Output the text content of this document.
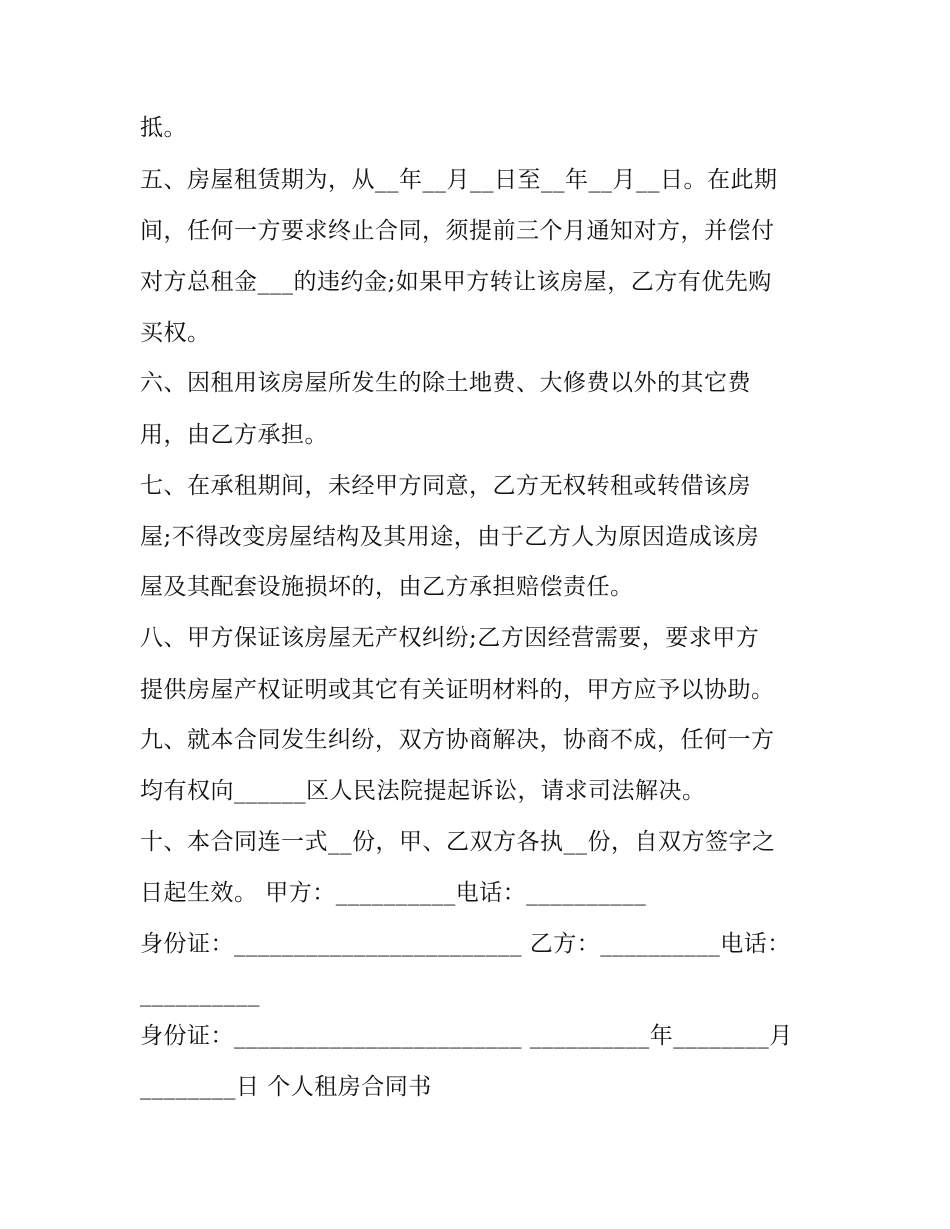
抵。
五、房屋租赁期为，从__年__月__日至__年__月__日。在此期
间，任何一方要求终止合同，须提前三个月通知对方，并偿付
对方总租金___的违约金;如果甲方转让该房屋，乙方有优先购
买权。
六、因租用该房屋所发生的除土地费、大修费以外的其它费
用，由乙方承担。
七、在承租期间，未经甲方同意，乙方无权转租或转借该房
屋;不得改变房屋结构及其用途，由于乙方人为原因造成该房
屋及其配套设施损坏的，由乙方承担赔偿责任。
八、甲方保证该房屋无产权纠纷;乙方因经营需要，要求甲方
提供房屋产权证明或其它有关证明材料的，甲方应予以协助。
九、就本合同发生纠纷，双方协商解决，协商不成，任何一方
均有权向______区人民法院提起诉讼，请求司法解决。
十、本合同连一式__份，甲、乙双方各执__份，自双方签字之
日起生效。 甲方：__________电话：__________
身份证：________________________ 乙方：__________电话：
__________
身份证：________________________ __________年________月
________日 个人租房合同书
